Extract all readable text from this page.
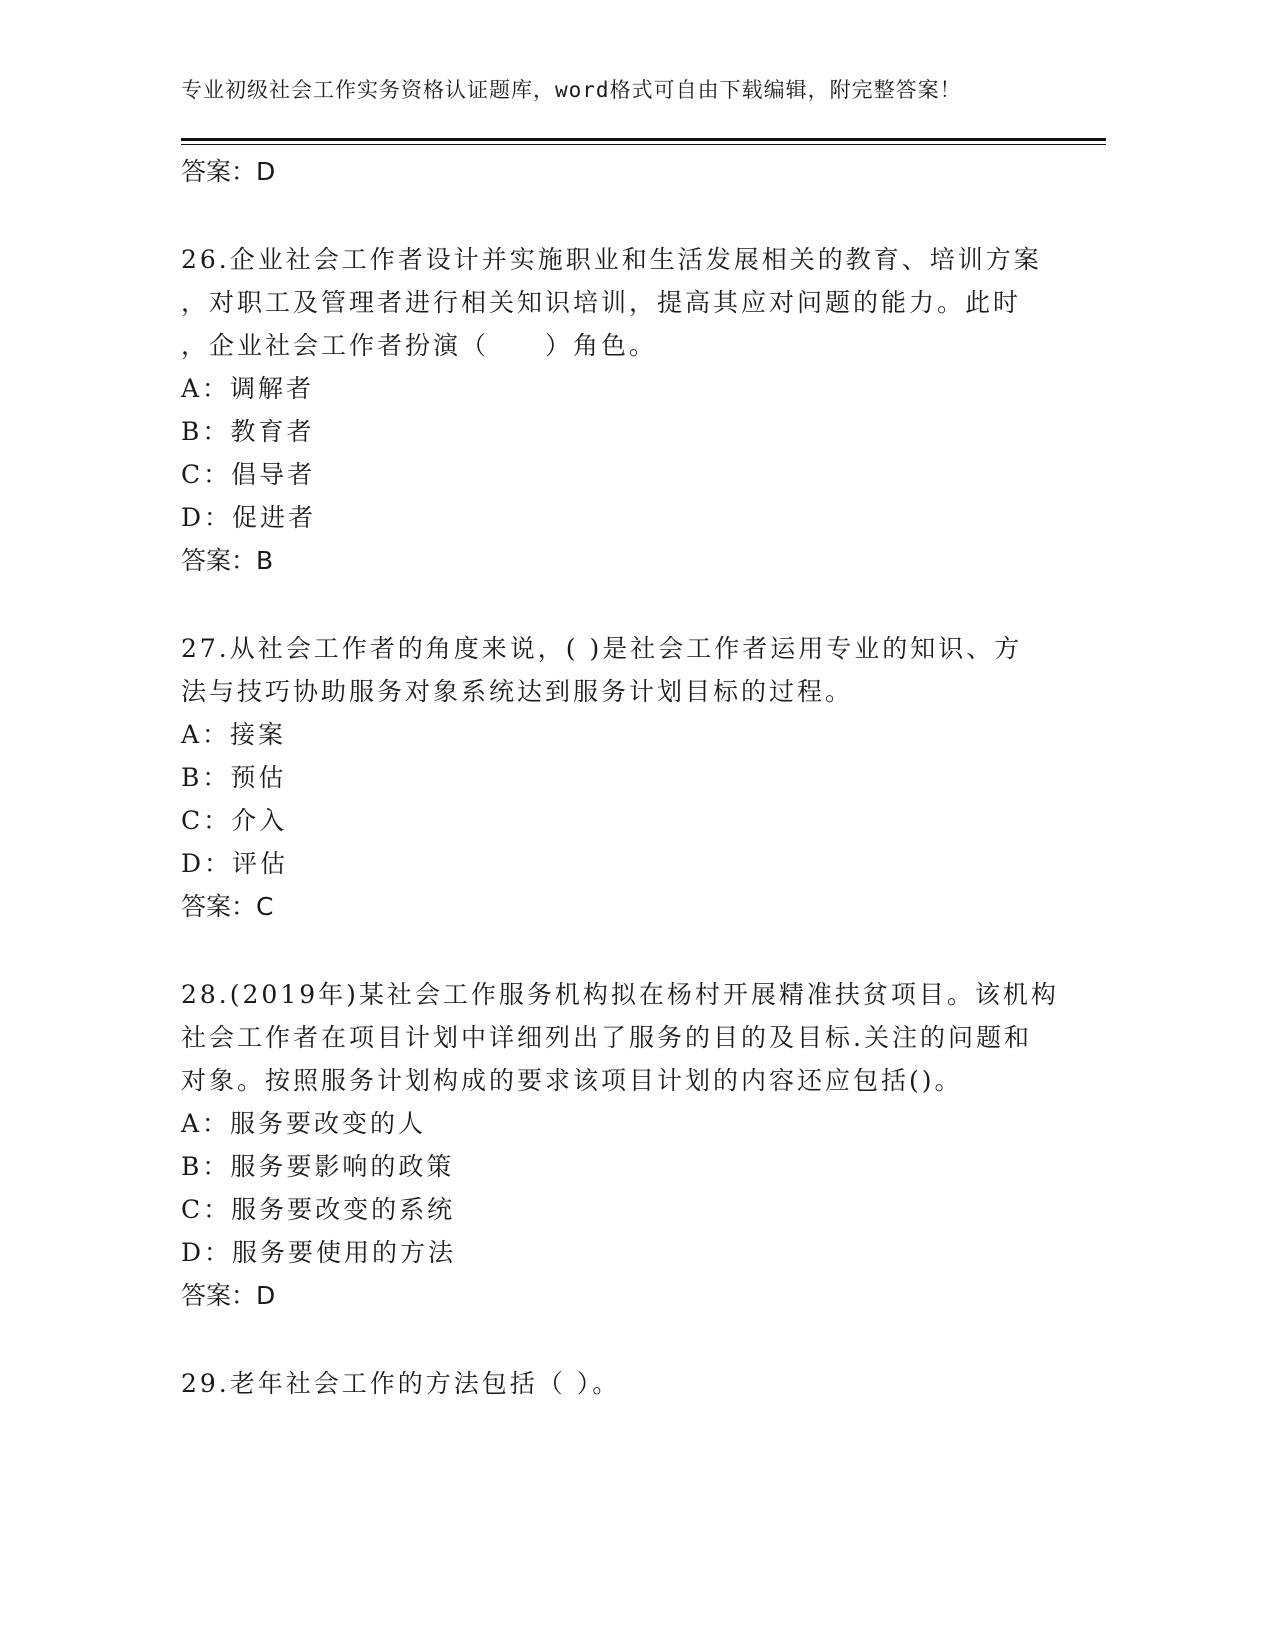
专业初级社会工作实务资格认证题库，word格式可自由下载编辑，附完整答案！
答案：D
26.企业社会工作者设计并实施职业和生活发展相关的教育、培训方案
，对职工及管理者进行相关知识培训，提高其应对问题的能力。此时
，企业社会工作者扮演（　　）角色。
A：调解者
B：教育者
C：倡导者
D：促进者
答案：B
27.从社会工作者的角度来说，( )是社会工作者运用专业的知识、方
法与技巧协助服务对象系统达到服务计划目标的过程。
A：接案
B：预估
C：介入
D：评估
答案：C
28.(2019年)某社会工作服务机构拟在杨村开展精准扶贫项目。该机构
社会工作者在项目计划中详细列出了服务的目的及目标.关注的问题和
对象。按照服务计划构成的要求该项目计划的内容还应包括()。
A：服务要改变的人
B：服务要影响的政策
C：服务要改变的系统
D：服务要使用的方法
答案：D
29.老年社会工作的方法包括（ ）。
